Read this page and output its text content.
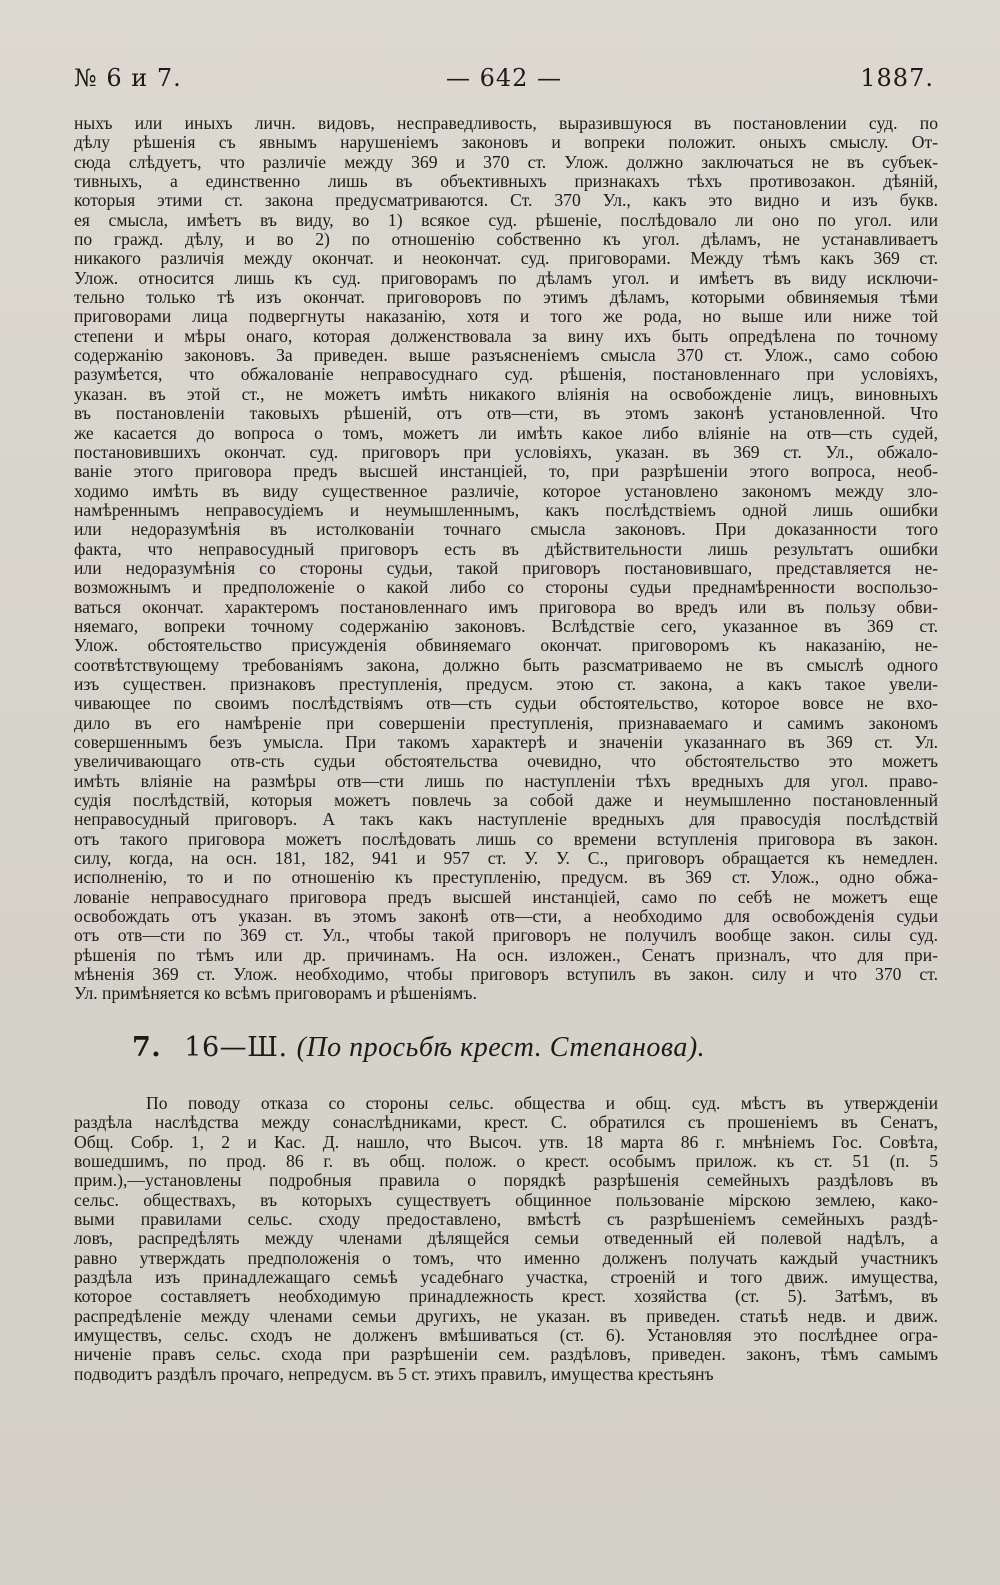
№ 6 и 7.	— 642 —	1887.
ныхъ или иныхъ личн. видовъ, несправедливость, выразившуюся въ постановлении суд. по
дѣлу рѣшенія съ явнымъ нарушеніемъ законовъ и вопреки положит. оныхъ смыслу. От-
сюда слѣдуетъ, что различіе между 369 и 370 ст. Улож. должно заключаться не въ субъек-
тивныхъ, а единственно лишь въ объективныхъ признакахъ тѣхъ противозакон. дѣяній,
которыя этими ст. закона предусматриваются. Ст. 370 Ул., какъ это видно и изъ букв.
ея смысла, имѣетъ въ виду, во 1) всякое суд. рѣшеніе, послѣдовало ли оно по угол. или
по гражд. дѣлу, и во 2) по отношенію собственно къ угол. дѣламъ, не устанавливаетъ
никакого различія между окончат. и неокончат. суд. приговорами. Между тѣмъ какъ 369 ст.
Улож. относится лишь къ суд. приговорамъ по дѣламъ угол. и имѣетъ въ виду исключи-
тельно только тѣ изъ окончат. приговоровъ по этимъ дѣламъ, которыми обвиняемыя тѣми
приговорами лица подвергнуты наказанію, хотя и того же рода, но выше или ниже той
степени и мѣры онаго, которая долженствовала за вину ихъ быть опредѣлена по точному
содержанію законовъ. За приведен. выше разъясненіемъ смысла 370 ст. Улож., само собою
разумѣется, что обжалованіе неправосуднаго суд. рѣшенія, постановленнаго при условіяхъ,
указан. въ этой ст., не можетъ имѣть никакого вліянія на освобожденіе лицъ, виновныхъ
въ постановленіи таковыхъ рѣшеній, отъ отв—сти, въ этомъ законѣ установленной. Что
же касается до вопроса о томъ, можетъ ли имѣть какое либо вліяніе на отв—сть судей,
постановившихъ окончат. суд. приговоръ при условіяхъ, указан. въ 369 ст. Ул., обжало-
ваніе этого приговора предъ высшей инстанціей, то, при разрѣшеніи этого вопроса, необ-
ходимо имѣть въ виду существенное различіе, которое установлено закономъ между зло-
намѣреннымъ неправосудіемъ и неумышленнымъ, какъ послѣдствіемъ одной лишь ошибки
или недоразумѣнія въ истолкованіи точнаго смысла законовъ. При доказанности того
факта, что неправосудный приговоръ есть въ дѣйствительности лишь результатъ ошибки
или недоразумѣнія со стороны судьи, такой приговоръ постановившаго, представляется не-
возможнымъ и предположеніе о какой либо со стороны судьи преднамѣренности воспользо-
ваться окончат. характеромъ постановленнаго имъ приговора во вредъ или въ пользу обви-
няемаго, вопреки точному содержанію законовъ. Вслѣдствіе сего, указанное въ 369 ст.
Улож. обстоятельство присужденія обвиняемаго окончат. приговоромъ къ наказанію, не-
соотвѣтствующему требованіямъ закона, должно быть разсматриваемо не въ смыслѣ одного
изъ существен. признаковъ преступленія, предусм. этою ст. закона, а какъ такое увели-
чивающее по своимъ послѣдствіямъ отв—сть судьи обстоятельство, которое вовсе не вхо-
дило въ его намѣреніе при совершеніи преступленія, признаваемаго и самимъ закономъ
совершеннымъ безъ умысла. При такомъ характерѣ и значеніи указаннаго въ 369 ст. Ул.
увеличивающаго отв-сть судьи обстоятельства очевидно, что обстоятельство это можетъ
имѣть вліяніе на размѣры отв—сти лишь по наступленіи тѣхъ вредныхъ для угол. право-
судія послѣдствій, которыя можетъ повлечь за собой даже и неумышленно постановленный
неправосудный приговоръ. А такъ какъ наступленіе вредныхъ для правосудія послѣдствій
отъ такого приговора можетъ послѣдовать лишь со времени вступленія приговора въ закон.
силу, когда, на осн. 181, 182, 941 и 957 ст. У. У. С., приговоръ обращается къ немедлен.
исполненію, то и по отношенію къ преступленію, предусм. въ 369 ст. Улож., одно обжа-
лованіе неправосуднаго приговора предъ высшей инстанціей, само по себѣ не можетъ еще
освобождать отъ указан. въ этомъ законѣ отв—сти, а необходимо для освобожденія судьи
отъ отв—сти по 369 ст. Ул., чтобы такой приговоръ не получилъ вообще закон. силы суд.
рѣшенія по тѣмъ или др. причинамъ. На осн. изложен., Сенатъ призналъ, что для при-
мѣненія 369 ст. Улож. необходимо, чтобы приговоръ вступилъ въ закон. силу и что 370 ст.
Ул. примѣняется ко всѣмъ приговорамъ и рѣшеніямъ.
7. 16—Ш. (По просьбѣ крест. Степанова).
По поводу отказа со стороны сельс. общества и общ. суд. мѣстъ въ утвержденіи
раздѣла наслѣдства между сонаслѣдниками, крест. С. обратился съ прошеніемъ въ Сенатъ,
Общ. Собр. 1, 2 и Кас. Д. нашло, что Высоч. утв. 18 марта 86 г. мнѣніемъ Гос. Совѣта,
вошедшимъ, по прод. 86 г. въ общ. полож. о крест. особымъ прилож. къ ст. 51 (п. 5
прим.),—установлены подробныя правила о порядкѣ разрѣшенія семейныхъ раздѣловъ въ
сельс. обществахъ, въ которыхъ существуетъ общинное пользованіе мірскою землею, како-
выми правилами сельс. сходу предоставлено, вмѣстѣ съ разрѣшеніемъ семейныхъ раздѣ-
ловъ, распредѣлять между членами дѣлящейся семьи отведенный ей полевой надѣлъ, а
равно утверждать предположенія о томъ, что именно долженъ получать каждый участникъ
раздѣла изъ принадлежащаго семьѣ усадебнаго участка, строеній и того движ. имущества,
которое составляетъ необходимую принадлежность крест. хозяйства (ст. 5). Затѣмъ, въ
распредѣленіе между членами семьи другихъ, не указан. въ приведен. статьѣ недв. и движ.
имуществъ, сельс. сходъ не долженъ вмѣшиваться (ст. 6). Установляя это послѣднее огра-
ниченіе правъ сельс. схода при разрѣшеніи сем. раздѣловъ, приведен. законъ, тѣмъ самымъ
подводитъ раздѣлъ прочаго, непредусм. въ 5 ст. этихъ правилъ, имущества крестьянъ
